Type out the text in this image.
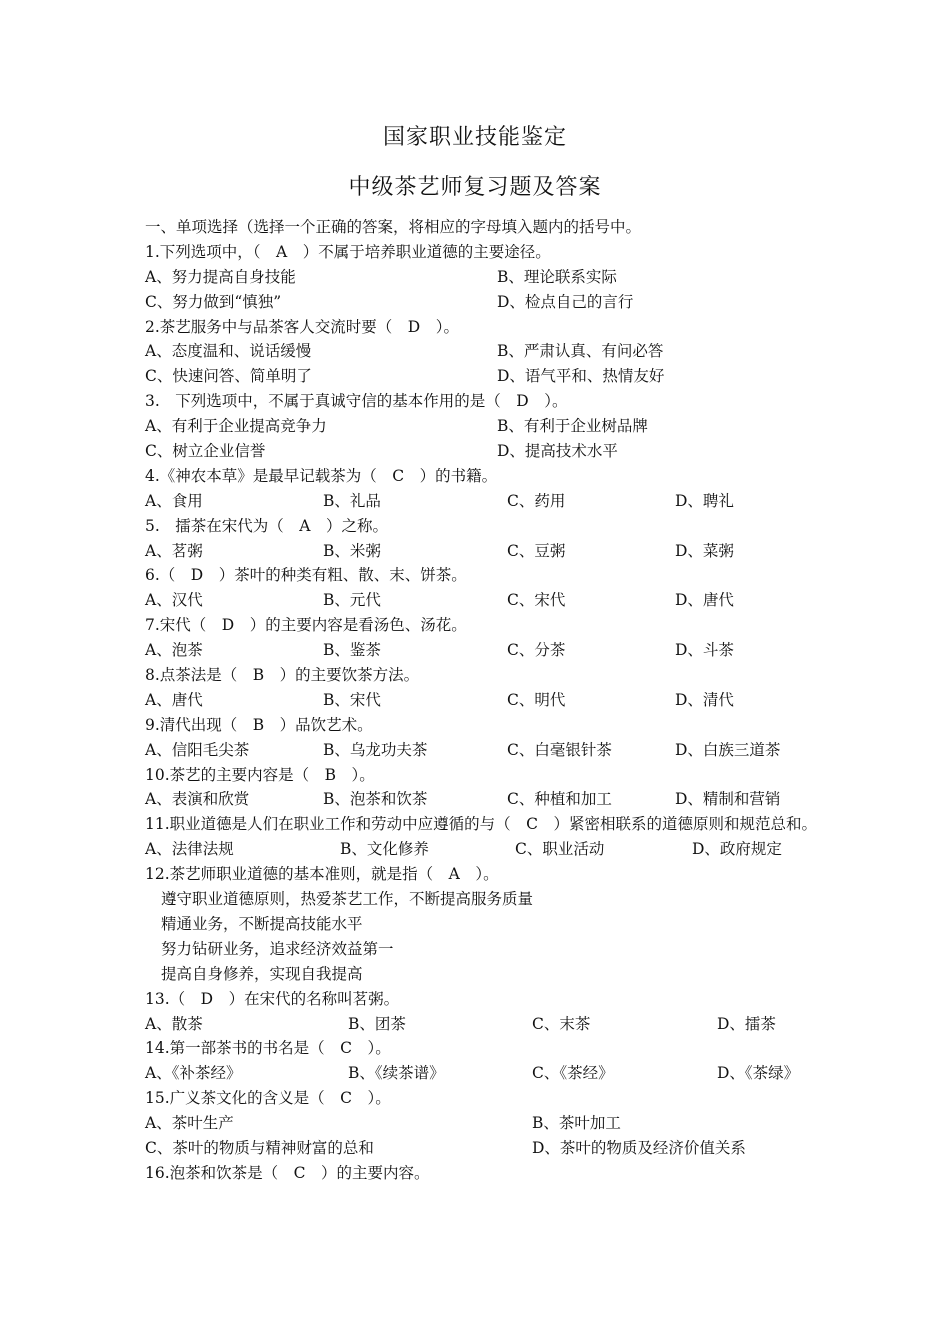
国家职业技能鉴定
中级茶艺师复习题及答案
一、单项选择（选择一个正确的答案，将相应的字母填入题内的括号中。
1.下列选项中，（　A　）不属于培养职业道德的主要途径。
A、努力提高自身技能	B、理论联系实际
C、努力做到“慎独”	D、检点自己的言行
2.茶艺服务中与品茶客人交流时要（　D　）。
A、态度温和、说话缓慢	B、严肃认真、有问必答
C、快速问答、简单明了	D、语气平和、热情友好
3.　下列选项中，不属于真诚守信的基本作用的是（　D　）。
A、有利于企业提高竞争力	B、有利于企业树品牌
C、树立企业信誉	D、提高技术水平
4.《神农本草》是最早记载茶为（　C　）的书籍。
A、食用	B、礼品	C、药用	D、聘礼
5.　擂茶在宋代为（　A　）之称。
A、茗粥	B、米粥	C、豆粥	D、菜粥
6.（　D　）茶叶的种类有粗、散、末、饼茶。
A、汉代	B、元代	C、宋代	D、唐代
7.宋代（　D　）的主要内容是看汤色、汤花。
A、泡茶	B、鉴茶	C、分茶	D、斗茶
8.点茶法是（　B　）的主要饮茶方法。
A、唐代	B、宋代	C、明代	D、清代
9.清代出现（　B　）品饮艺术。
A、信阳毛尖茶	B、乌龙功夫茶	C、白毫银针茶	D、白族三道茶
10.茶艺的主要内容是（　B　）。
A、表演和欣赏	B、泡茶和饮茶	C、种植和加工	D、精制和营销
11.职业道德是人们在职业工作和劳动中应遵循的与（　C　）紧密相联系的道德原则和规范总和。
A、法律法规	B、文化修养	C、职业活动	D、政府规定
12.茶艺师职业道德的基本准则，就是指（　A　）。
遵守职业道德原则，热爱茶艺工作，不断提高服务质量
精通业务，不断提高技能水平
努力钻研业务，追求经济效益第一
提高自身修养，实现自我提高
13.（　D　）在宋代的名称叫茗粥。
A、散茶	B、团茶	C、末茶	D、擂茶
14.第一部茶书的书名是（　C　）。
A、《补茶经》	B、《续茶谱》	C、《茶经》	D、《茶绿》
15.广义茶文化的含义是（　C　）。
A、茶叶生产	B、茶叶加工
C、茶叶的物质与精神财富的总和	D、茶叶的物质及经济价值关系
16.泡茶和饮茶是（　C　）的主要内容。
